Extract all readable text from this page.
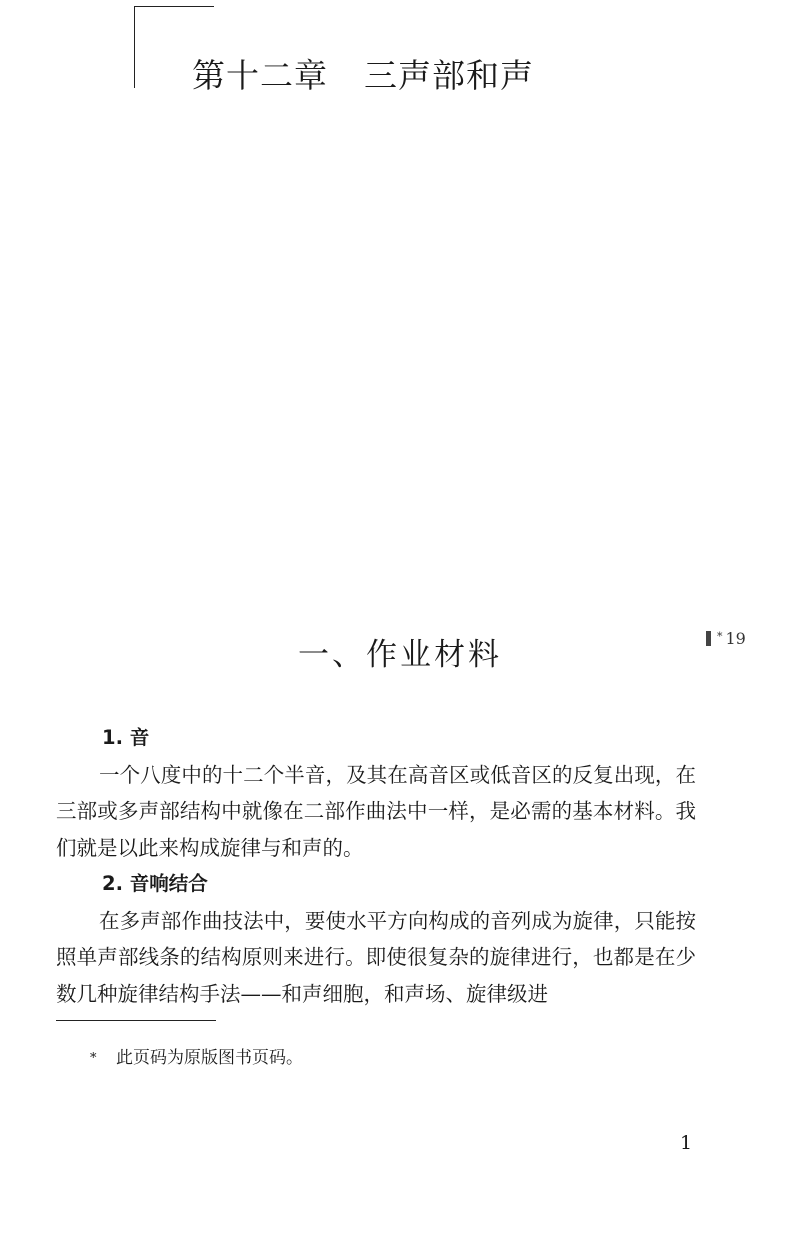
第十二章 三声部和声
* 19
一、作业材料

1. 音

一个八度中的十二个半音，及其在高音区或低音区的反复出现，在三部或多声部结构中就像在二部作曲法中一样，是必需的基本材料。我们就是以此来构成旋律与和声的。

2. 音响结合

在多声部作曲技法中，要使水平方向构成的音列成为旋律，只能按照单声部线条的结构原则来进行。即使很复杂的旋律进行，也都是在少数几种旋律结构手法——和声细胞，和声场、旋律级进

* 此页码为原版图书页码。
1
